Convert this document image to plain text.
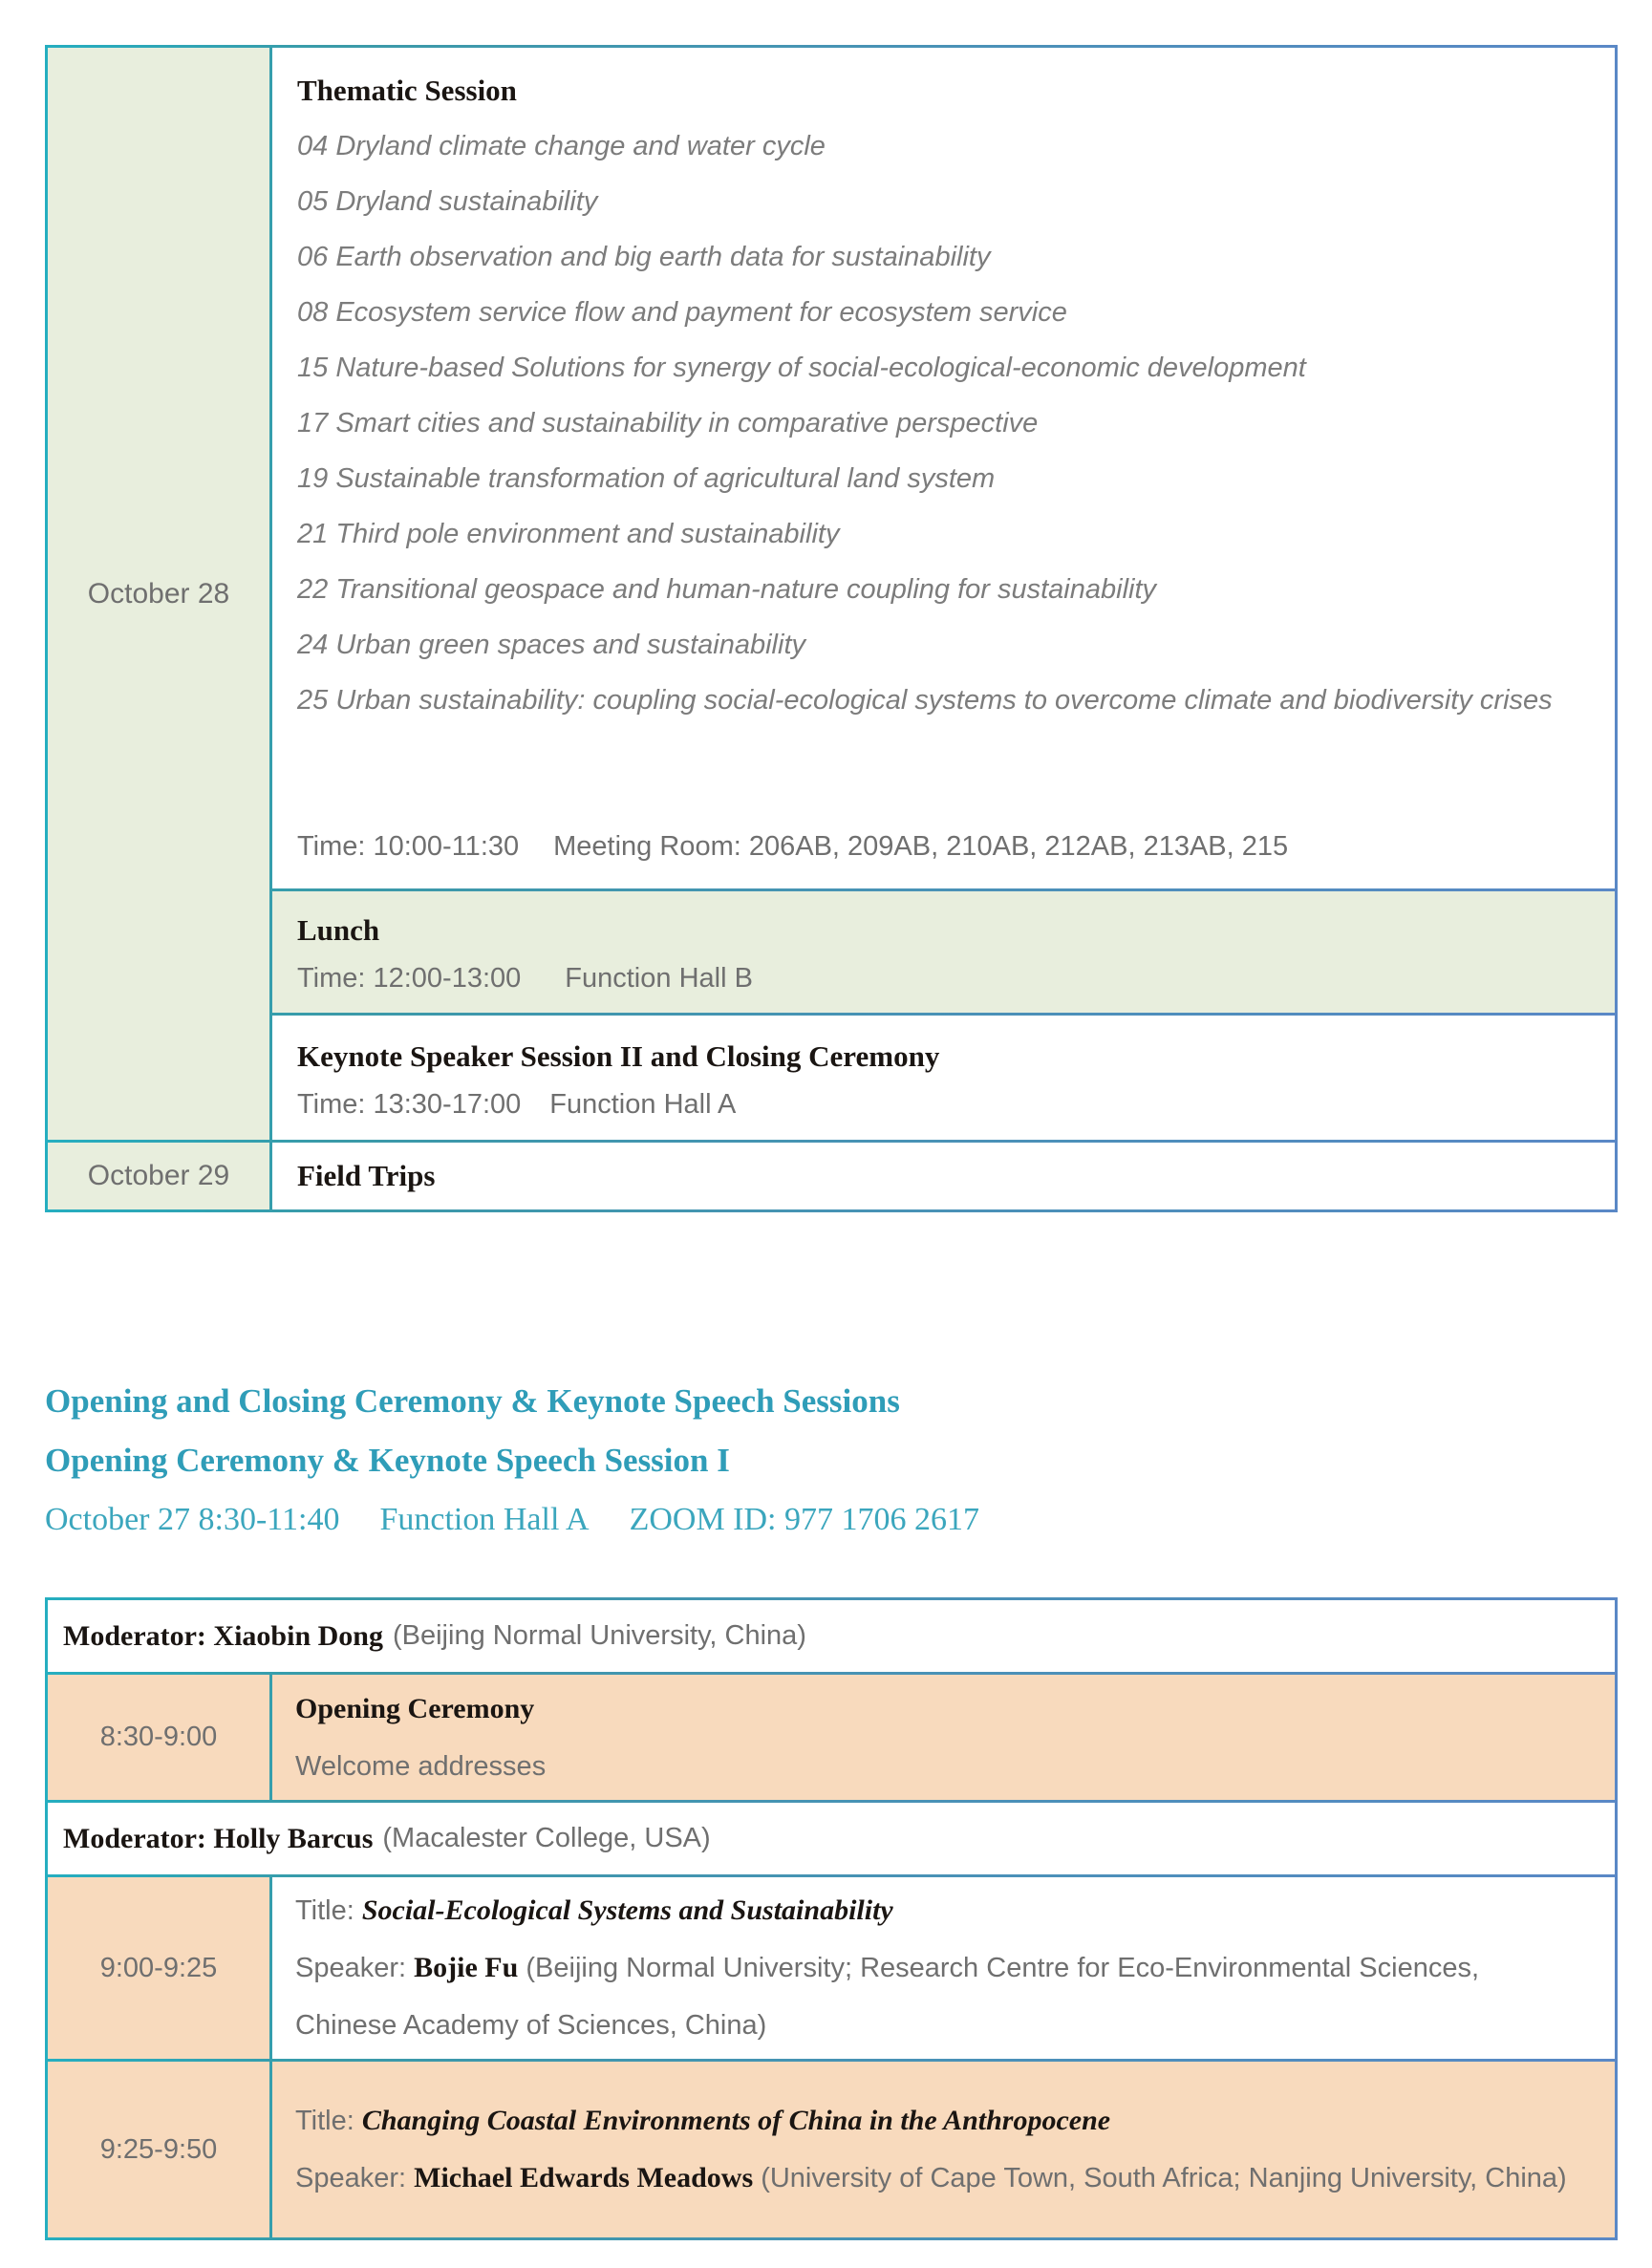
October 28
Thematic Session
04 Dryland climate change and water cycle
05 Dryland sustainability
06 Earth observation and big earth data for sustainability
08 Ecosystem service flow and payment for ecosystem service
15 Nature-based Solutions for synergy of social-ecological-economic development
17 Smart cities and sustainability in comparative perspective
19 Sustainable transformation of agricultural land system
21 Third pole environment and sustainability
22 Transitional geospace and human-nature coupling for sustainability
24 Urban green spaces and sustainability
25 Urban sustainability: coupling social-ecological systems to overcome climate and biodiversity crises
Time: 10:00-11:30 Meeting Room: 206AB, 209AB, 210AB, 212AB, 213AB, 215
Lunch
Time: 12:00-13:00 Function Hall B
Keynote Speaker Session II and Closing Ceremony
Time: 13:30-17:00 Function Hall A
October 29 Field Trips
Opening and Closing Ceremony & Keynote Speech Sessions
Opening Ceremony & Keynote Speech Session I
October 27 8:30-11:40 Function Hall A ZOOM ID: 977 1706 2617
Moderator: Xiaobin Dong (Beijing Normal University, China)
8:30-9:00
Opening Ceremony
Welcome addresses
Moderator: Holly Barcus (Macalester College, USA)
9:00-9:25
Title: Social-Ecological Systems and Sustainability
Speaker: Bojie Fu (Beijing Normal University; Research Centre for Eco-Environmental Sciences, Chinese Academy of Sciences, China)
9:25-9:50
Title: Changing Coastal Environments of China in the Anthropocene
Speaker: Michael Edwards Meadows (University of Cape Town, South Africa; Nanjing University, China)
